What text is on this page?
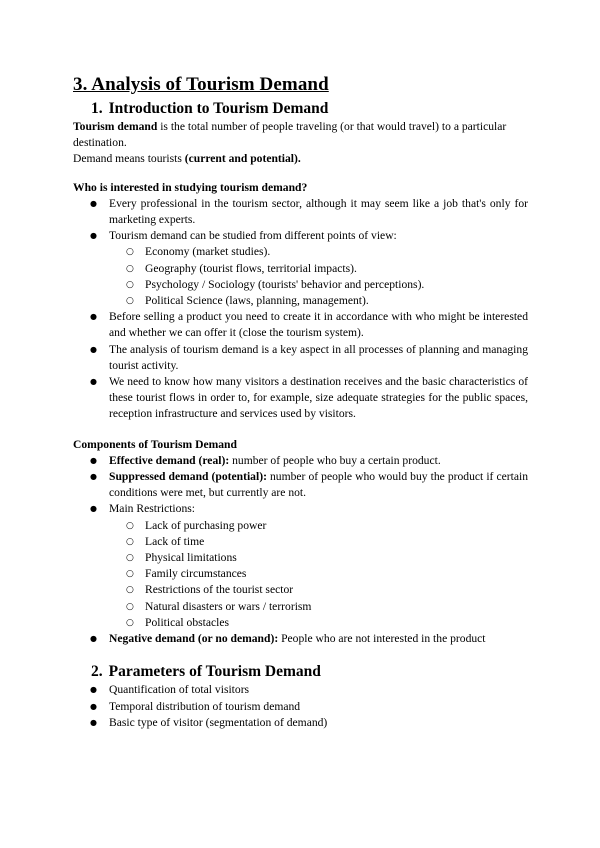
3. Analysis of Tourism Demand
1. Introduction to Tourism Demand

Tourism demand is the total number of people traveling (or that would travel) to a particular destination.

Demand means tourists (current and potential).

Who is interested in studying tourism demand?

● Every professional in the tourism sector, although it may seem like a job that's only for marketing experts.
● Tourism demand can be studied from different points of view:
○ Economy (market studies).
○ Geography (tourist flows, territorial impacts).
○ Psychology / Sociology (tourists' behavior and perceptions).
○ Political Science (laws, planning, management).
● Before selling a product you need to create it in accordance with who might be interested and whether we can offer it (close the tourism system).
● The analysis of tourism demand is a key aspect in all processes of planning and managing tourist activity.
● We need to know how many visitors a destination receives and the basic characteristics of these tourist flows in order to, for example, size adequate strategies for the public spaces, reception infrastructure and services used by visitors.

Components of Tourism Demand

● Effective demand (real): number of people who buy a certain product.
● Suppressed demand (potential): number of people who would buy the product if certain conditions were met, but currently are not.
● Main Restrictions:
○ Lack of purchasing power
○ Lack of time
○ Physical limitations
○ Family circumstances
○ Restrictions of the tourist sector
○ Natural disasters or wars / terrorism
○ Political obstacles
● Negative demand (or no demand): People who are not interested in the product
2. Parameters of Tourism Demand
● Quantification of total visitors
● Temporal distribution of tourism demand
● Basic type of visitor (segmentation of demand)
